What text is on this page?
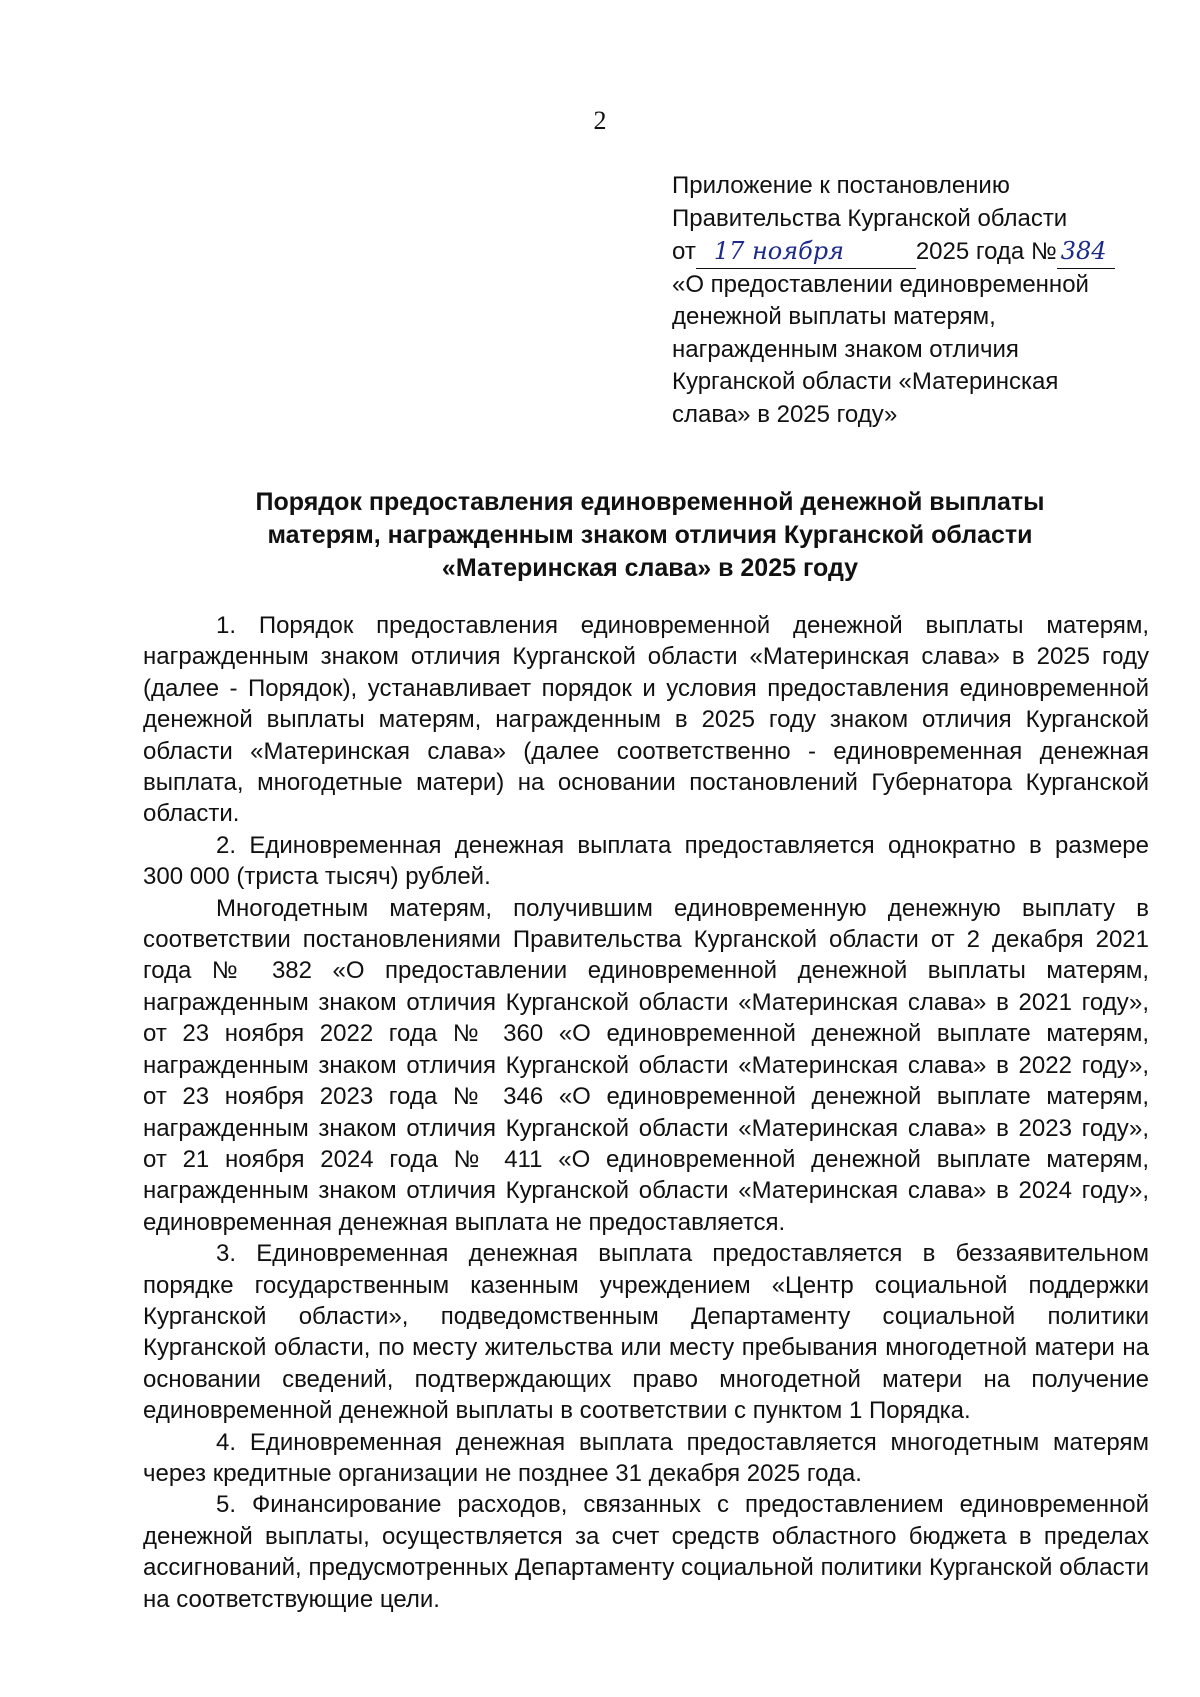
2
Приложение к постановлению
Правительства Курганской области
от 17 ноября	2025 года № 384
«О предоставлении единовременной
денежной выплаты матерям,
награжденным знаком отличия
Курганской области «Материнская
слава» в 2025 году»
Порядок предоставления единовременной денежной выплаты
матерям, награжденным знаком отличия Курганской области
«Материнская слава» в 2025 году

1. Порядок предоставления единовременной денежной выплаты матерям, награжденным знаком отличия Курганской области «Материнская слава» в 2025 году (далее - Порядок), устанавливает порядок и условия предоставления единовременной денежной выплаты матерям, награжденным в 2025 году знаком отличия Курганской области «Материнская слава» (далее соответственно - единовременная денежная выплата, многодетные матери) на основании постановлений Губернатора Курганской области.

2. Единовременная денежная выплата предоставляется однократно в размере 300 000 (триста тысяч) рублей.

Многодетным матерям, получившим единовременную денежную выплату в соответствии постановлениями Правительства Курганской области от 2 декабря 2021 года № 382 «О предоставлении единовременной денежной выплаты матерям, награжденным знаком отличия Курганской области «Материнская слава» в 2021 году», от 23 ноября 2022 года № 360 «О единовременной денежной выплате матерям, награжденным знаком отличия Курганской области «Материнская слава» в 2022 году», от 23 ноября 2023 года № 346 «О единовременной денежной выплате матерям, награжденным знаком отличия Курганской области «Материнская слава» в 2023 году», от 21 ноября 2024 года № 411 «О единовременной денежной выплате матерям, награжденным знаком отличия Курганской области «Материнская слава» в 2024 году», единовременная денежная выплата не предоставляется.

3. Единовременная денежная выплата предоставляется в беззаявительном порядке государственным казенным учреждением «Центр социальной поддержки Курганской области», подведомственным Департаменту социальной политики Курганской области, по месту жительства или месту пребывания многодетной матери на основании сведений, подтверждающих право многодетной матери на получение единовременной денежной выплаты в соответствии с пунктом 1 Порядка.

4. Единовременная денежная выплата предоставляется многодетным матерям через кредитные организации не позднее 31 декабря 2025 года.

5. Финансирование расходов, связанных с предоставлением единовременной денежной выплаты, осуществляется за счет средств областного бюджета в пределах ассигнований, предусмотренных Департаменту социальной политики Курганской области на соответствующие цели.
